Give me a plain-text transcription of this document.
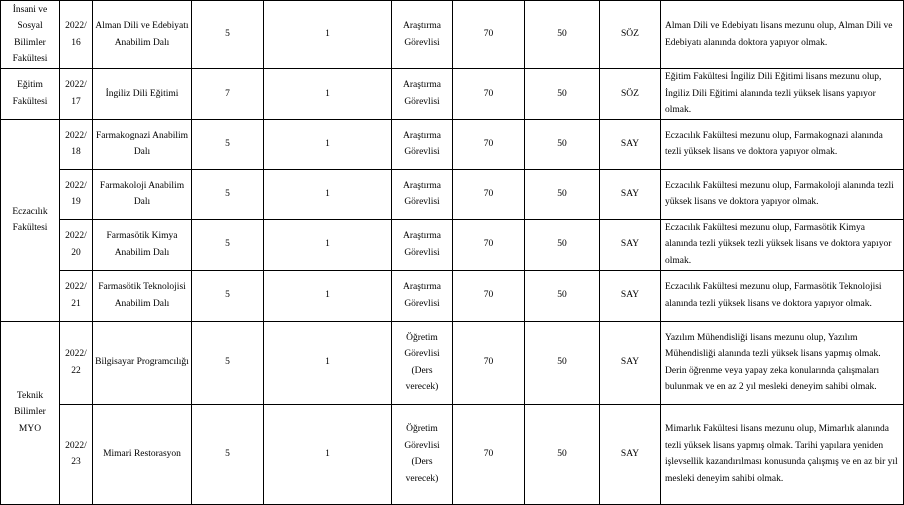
İnsani ve Sosyal Bilimler Fakültesi	2022/ 16	Alman Dili ve Edebiyatı Anabilim Dalı	5	1	Araştırma Görevlisi	70	50	SÖZ	Alman Dili ve Edebiyatı lisans mezunu olup, Alman Dili ve Edebiyatı alanında doktora yapıyor olmak.
Eğitim Fakültesi	2022/ 17	İngiliz Dili Eğitimi	7	1	Araştırma Görevlisi	70	50	SÖZ	Eğitim Fakültesi İngiliz Dili Eğitimi lisans mezunu olup, İngiliz Dili Eğitimi alanında tezli yüksek lisans yapıyor olmak.
Eczacılık Fakültesi	2022/ 18	Farmakognazi Anabilim Dalı	5	1	Araştırma Görevlisi	70	50	SAY	Eczacılık Fakültesi mezunu olup, Farmakognazi alanında tezli yüksek lisans ve doktora yapıyor olmak.
	2022/ 19	Farmakoloji Anabilim Dalı	5	1	Araştırma Görevlisi	70	50	SAY	Eczacılık Fakültesi mezunu olup, Farmakoloji alanında tezli yüksek lisans ve doktora yapıyor olmak.
	2022/ 20	Farmasötik Kimya Anabilim Dalı	5	1	Araştırma Görevlisi	70	50	SAY	Eczacılık Fakültesi mezunu olup, Farmasötik Kimya alanında tezli yüksek tezli yüksek lisans ve doktora yapıyor olmak.
	2022/ 21	Farmasötik Teknolojisi Anabilim Dalı	5	1	Araştırma Görevlisi	70	50	SAY	Eczacılık Fakültesi mezunu olup, Farmasötik Teknolojisi alanında tezli yüksek lisans ve doktora yapıyor olmak.
Teknik Bilimler MYO	2022/ 22	Bilgisayar Programcılığı	5	1	Öğretim Görevlisi (Ders verecek)	70	50	SAY	Yazılım Mühendisliği lisans mezunu olup, Yazılım Mühendisliği alanında tezli yüksek lisans yapmış olmak. Derin öğrenme veya yapay zeka konularında çalışmaları bulunmak ve en az 2 yıl mesleki deneyim sahibi olmak.
	2022/ 23	Mimari Restorasyon	5	1	Öğretim Görevlisi (Ders verecek)	70	50	SAY	Mimarlık Fakültesi lisans mezunu olup, Mimarlık alanında tezli yüksek lisans yapmış olmak. Tarihi yapılara yeniden işlevsellik kazandırılması konusunda çalışmış ve en az bir yıl mesleki deneyim sahibi olmak.
